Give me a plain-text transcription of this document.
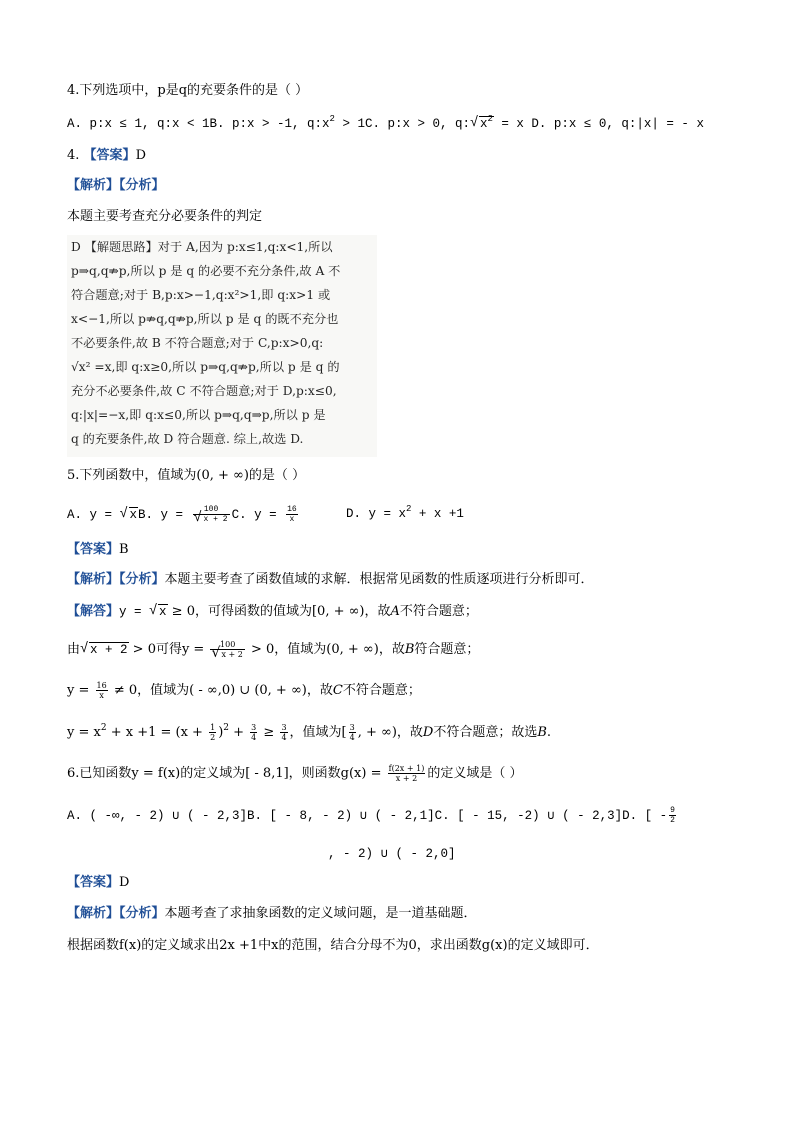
4.下列选项中，p是q的充要条件的是（ ）
A. p:x ≤ 1, q:x < 1B. p:x > -1, $q:x^2 > 1C$. p:x > 0, q: √ $x^2 = x$ D. p:x ≤ 0, q:|x| = - x
4. 【答案】D
【解析】【分析】
本题主要考查充分必要条件的判定
D 【解题思路】对于 A,因为 p:x≤1,q:x<1,所以
p⇒q,q⇏p,所以 p 是 q 的必要不充分条件,故 A 不
符合题意;对于 B,p:x>−1,q:x²>1,即 q:x>1 或
x<−1,所以 p⇏q,q⇏p,所以 p 是 q 的既不充分也
不必要条件,故 B 不符合题意;对于 C,p:x>0,q:
√x² =x,即 q:x≥0,所以 p⇒q,q⇏p,所以 p 是 q 的
充分不必要条件,故 C 不符合题意;对于 D,p:x≤0,
q:|x|=−x,即 q:x≤0,所以 p⇒q,q⇒p,所以 p 是
q 的充要条件,故 D 符合题意. 综上,故选 D.
5.下列函数中，值域为(0, + ∞)的是（ ）
A. y = √ xB. y = 100
√ x + 2 C. $y = \frac{16}{x}$	D. $y = x^2 + x +1$
【答案】B
【解析】【分析】本题主要考查了函数值域的求解．根据常见函数的性质逐项进行分析即可．
【解答】y = √ x ≥ 0，可得函数的值域为[0, + ∞)，故A不符合题意；
由 √ x + 2 > 0可得y = 100
√ x + 2 > 0，值域为(0, + ∞)，故B符合题意；
$y = \frac{16}{x} \ne 0$，值域为( - ∞,0) ∪ (0, + ∞)，故C不符合题意；
$y = x^2 + x +1 = (x + \frac{1}{2} )^2 + \frac{3}{4} \ge \frac{3}{4}$ ，值域为[ $\frac{3}{4}$ , + ∞)，故D不符合题意；故选B.
6.已知函数y = f(x)的定义域为[ - 8,1]，则函数$g(x) = \frac{f(2x + 1)}{x + 2}$ 的定义域是（ ）
A. ( -∞, - 2) ∪ ( - 2,3]B. [ - 8, - 2) ∪ ( - 2,1]C. [ - 15, -2) ∪ ( - 2,3]D. [ - $\frac{9}{2}$
, - 2) ∪ ( - 2,0]
【答案】D
【解析】【分析】本题考查了求抽象函数的定义域问题，是一道基础题．
根据函数f(x)的定义域求出2x +1中x的范围，结合分母不为0，求出函数g(x)的定义域即可．
